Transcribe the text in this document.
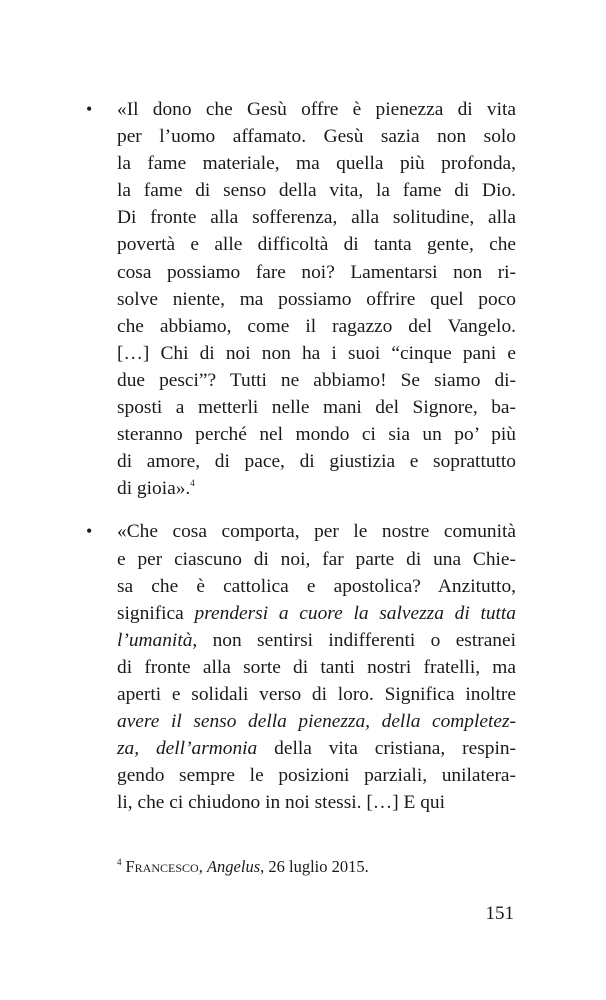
• «Il dono che Gesù offre è pienezza di vita
per l’uomo affamato. Gesù sazia non solo
la fame materiale, ma quella più profonda,
la fame di senso della vita, la fame di Dio.
Di fronte alla sofferenza, alla solitudine, alla
povertà e alle difficoltà di tanta gente, che
cosa possiamo fare noi? Lamentarsi non ri-
solve niente, ma possiamo offrire quel poco
che abbiamo, come il ragazzo del Vangelo.
[…] Chi di noi non ha i suoi “cinque pani e
due pesci”? Tutti ne abbiamo! Se siamo di-
sposti a metterli nelle mani del Signore, ba-
steranno perché nel mondo ci sia un po’ più
di amore, di pace, di giustizia e soprattutto
di gioia».$^4$
• «Che cosa comporta, per le nostre comunità
e per ciascuno di noi, far parte di una Chie-
sa che è cattolica e apostolica? Anzitutto,
significa prendersi a cuore la salvezza di tutta
l’umanità, non sentirsi indifferenti o estranei
di fronte alla sorte di tanti nostri fratelli, ma
aperti e solidali verso di loro. Significa inoltre
avere il senso della pienezza, della completez-
za, dell’armonia della vita cristiana, respin-
gendo sempre le posizioni parziali, unilatera-
li, che ci chiudono in noi stessi. […] E qui
$^4$ Francesco, Angelus, 26 luglio 2015.
151
